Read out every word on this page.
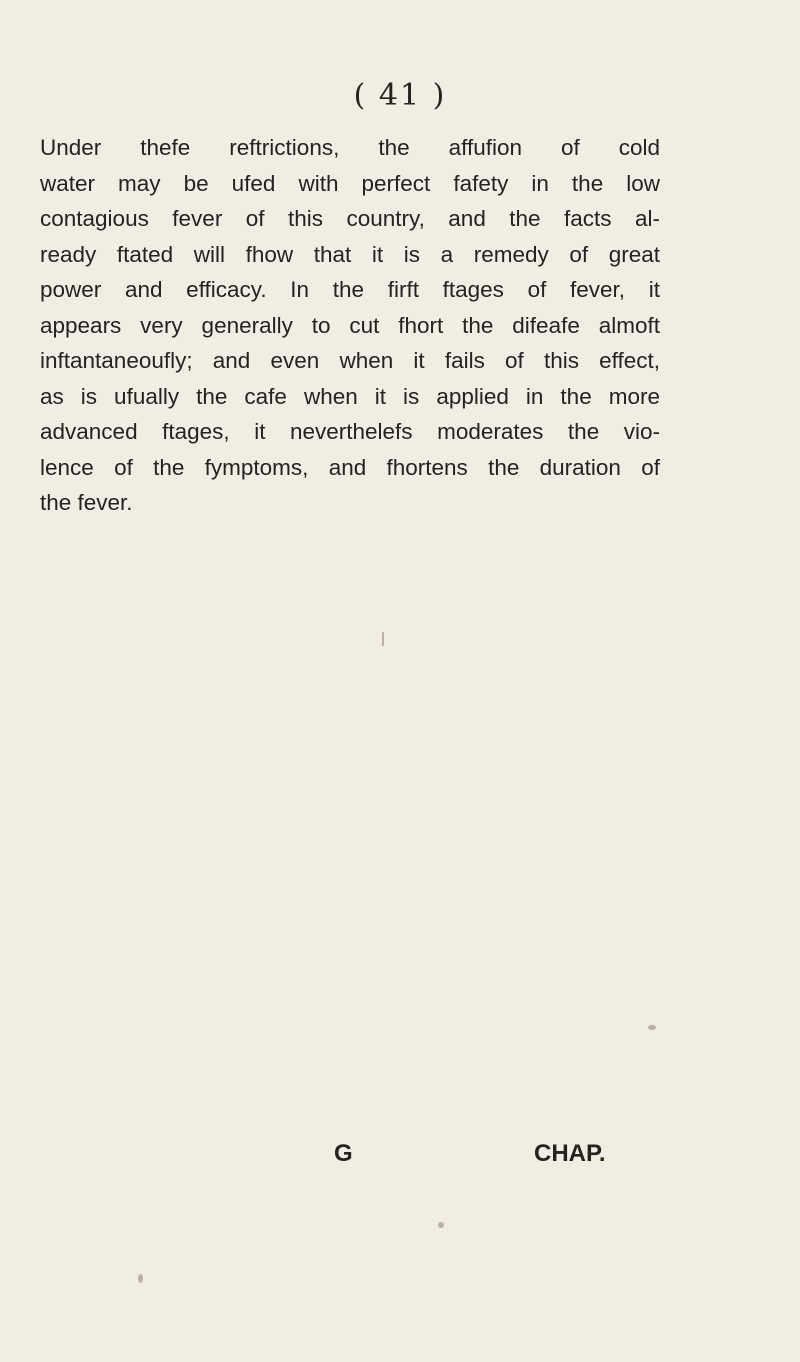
( 41 )

Under thefe reftrictions, the affufion of cold
water may be ufed with perfect fafety in the low
contagious fever of this country, and the facts al-
ready ftated will fhow that it is a remedy of great
power and efficacy. In the firft ftages of fever, it
appears very generally to cut fhort the difeafe almoft
inftantaneoufly; and even when it fails of this effect,
as is ufually the cafe when it is applied in the more
advanced ftages, it neverthelefs moderates the vio-
lence of the fymptoms, and fhortens the duration of
the fever.

G	CHAP.
